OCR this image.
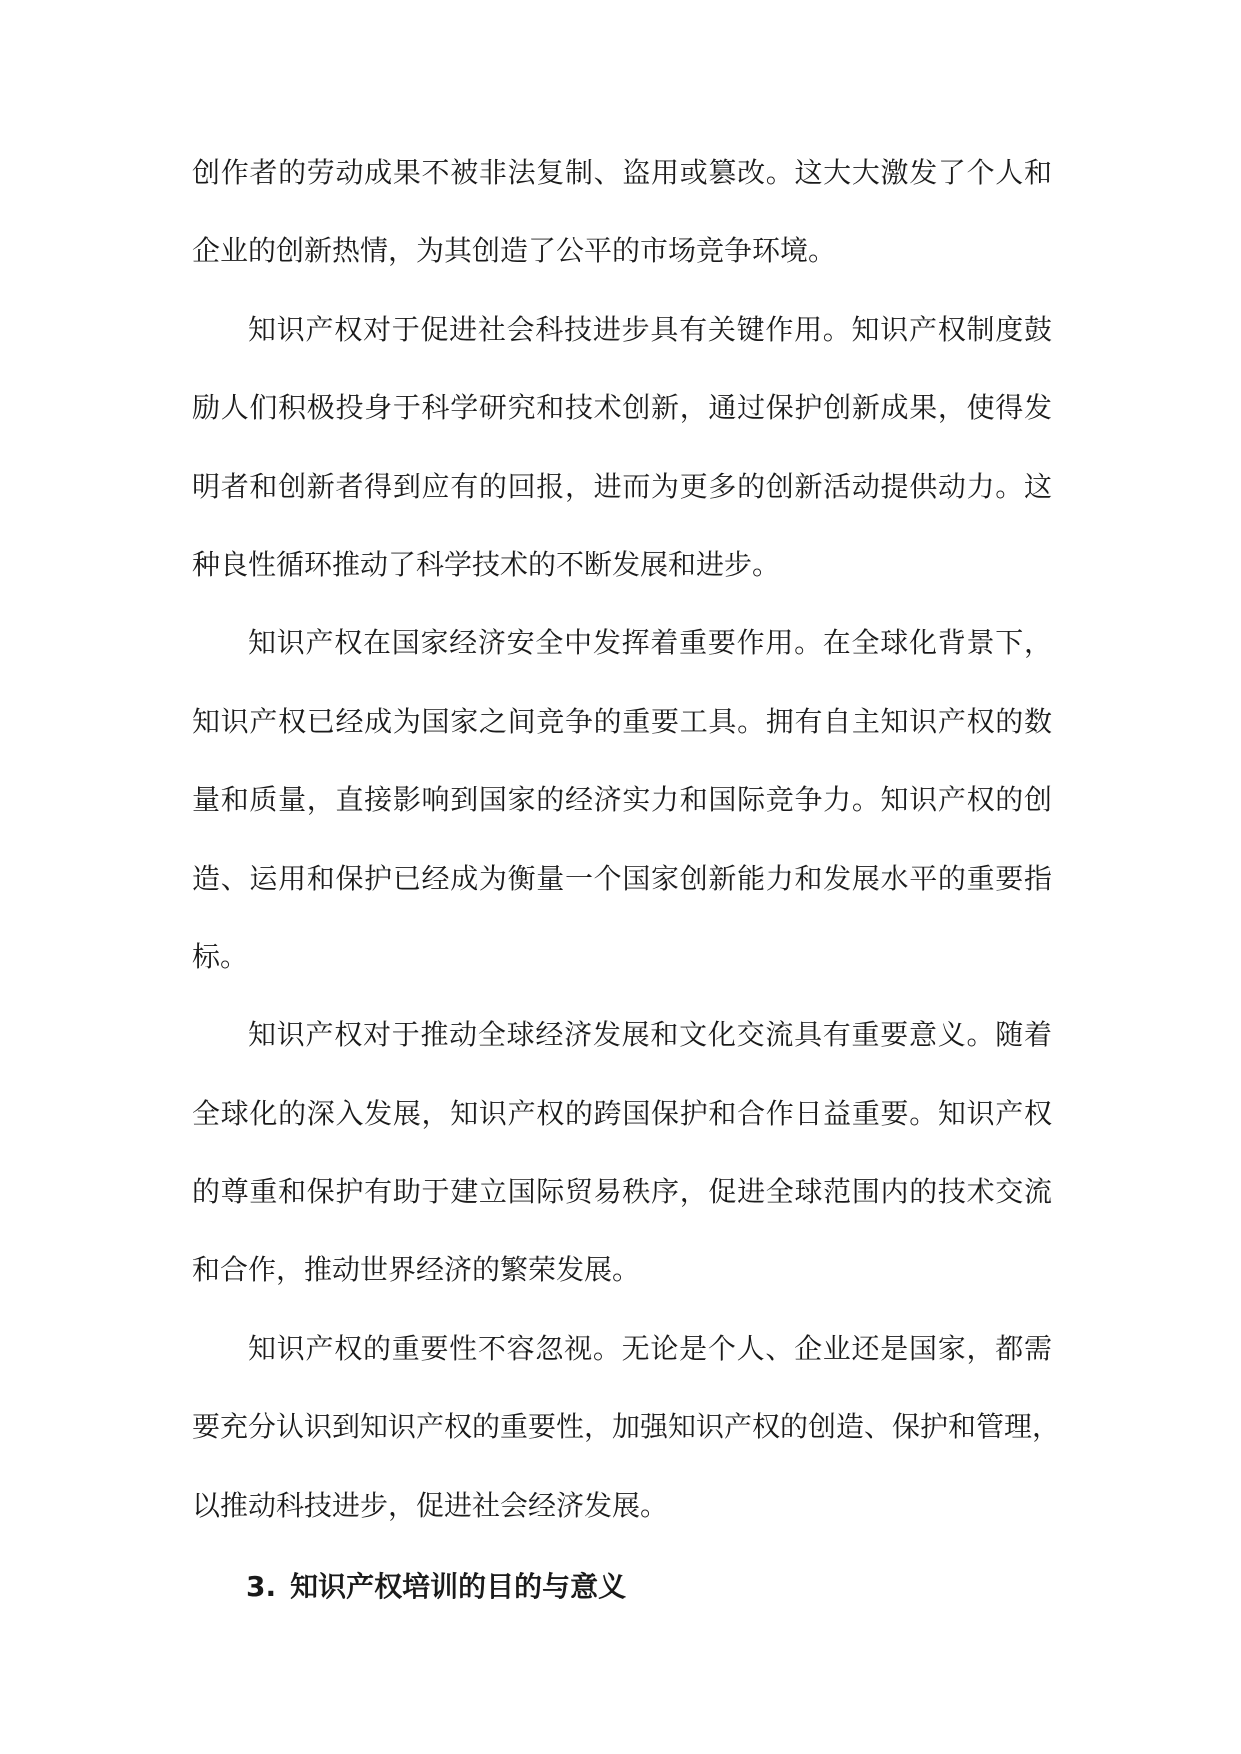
创作者的劳动成果不被非法复制、盗用或篡改。这大大激发了个人和
企业的创新热情，为其创造了公平的市场竞争环境。
知识产权对于促进社会科技进步具有关键作用。知识产权制度鼓
励人们积极投身于科学研究和技术创新，通过保护创新成果，使得发
明者和创新者得到应有的回报，进而为更多的创新活动提供动力。这
种良性循环推动了科学技术的不断发展和进步。
知识产权在国家经济安全中发挥着重要作用。在全球化背景下，
知识产权已经成为国家之间竞争的重要工具。拥有自主知识产权的数
量和质量，直接影响到国家的经济实力和国际竞争力。知识产权的创
造、运用和保护已经成为衡量一个国家创新能力和发展水平的重要指
标。
知识产权对于推动全球经济发展和文化交流具有重要意义。随着
全球化的深入发展，知识产权的跨国保护和合作日益重要。知识产权
的尊重和保护有助于建立国际贸易秩序，促进全球范围内的技术交流
和合作，推动世界经济的繁荣发展。
知识产权的重要性不容忽视。无论是个人、企业还是国家，都需
要充分认识到知识产权的重要性，加强知识产权的创造、保护和管理，
以推动科技进步，促进社会经济发展。
3. 知识产权培训的目的与意义
